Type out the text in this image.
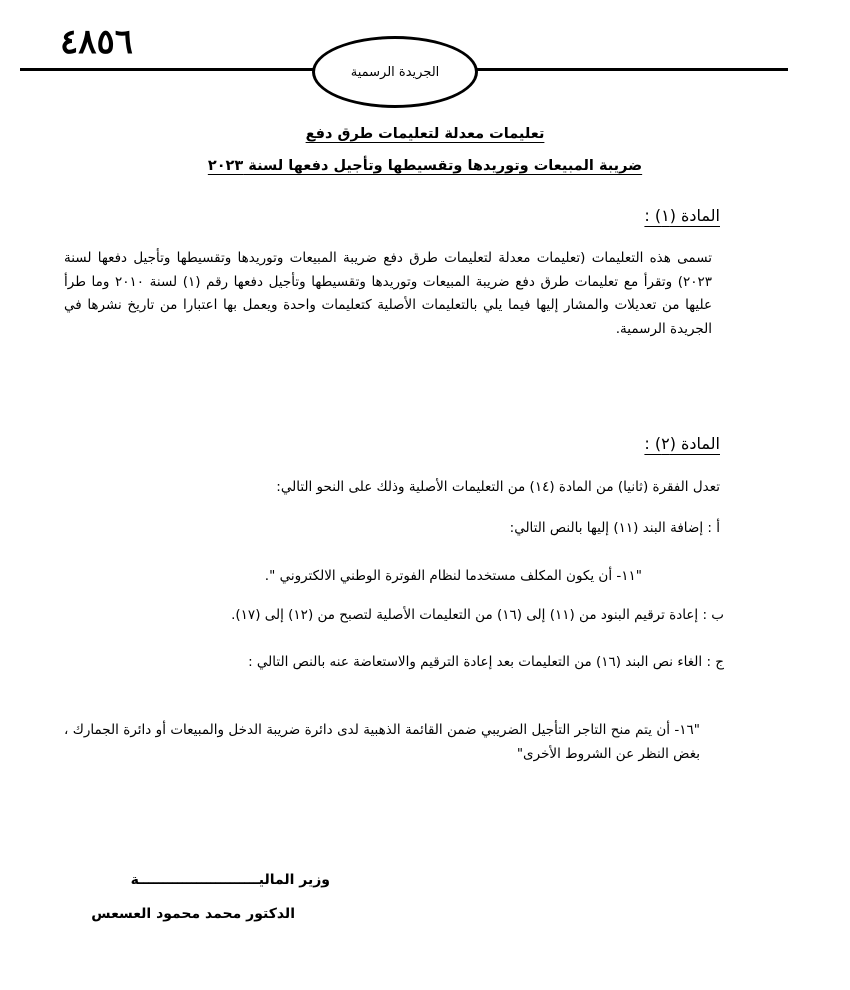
٤٨٥٦
الجريدة الرسمية
تعليمات معدلة لتعليمات طرق دفع
ضريبة المبيعات وتوريدها وتقسيطها وتأجيل دفعها لسنة ٢٠٢٣
المادة (١) :
تسمى هذه التعليمات (تعليمات معدلة لتعليمات طرق دفع ضريبة المبيعات وتوريدها وتقسيطها وتأجيل دفعها لسنة ٢٠٢٣) وتقرأ مع تعليمات طرق دفع ضريبة المبيعات وتوريدها وتقسيطها وتأجيل دفعها رقم (١) لسنة ٢٠١٠ وما طرأ عليها من تعديلات والمشار إليها فيما يلي بالتعليمات الأصلية كتعليمات واحدة ويعمل بها اعتبارا من تاريخ نشرها في الجريدة الرسمية.
المادة (٢) :
تعدل الفقرة (ثانيا) من المادة (١٤) من التعليمات الأصلية وذلك على النحو التالي:
أ : إضافة البند (١١) إليها بالنص التالي:
"١١- أن يكون المكلف مستخدما لنظام الفوترة الوطني الالكتروني ".
ب : إعادة ترقيم البنود من (١١) إلى (١٦) من التعليمات الأصلية لتصبح من (١٢) إلى (١٧).
ج : الغاء نص البند (١٦) من التعليمات بعد إعادة الترقيم والاستعاضة عنه بالنص التالي :
"١٦- أن يتم منح التاجر التأجيل الضريبي ضمن القائمة الذهبية لدى دائرة ضريبة الدخل والمبيعات أو دائرة الجمارك ، بغض النظر عن الشروط الأخرى"
وزير الماليـــــــــــــــــــــــــة
الدكتور محمد محمود العسعس
